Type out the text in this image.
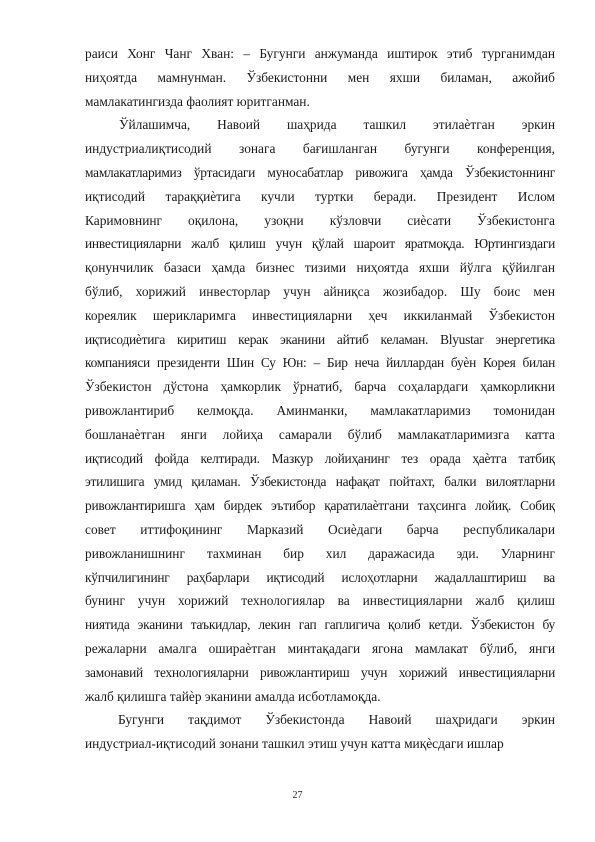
раиси Хонг Чанг Хван: – Бугунги анжуманда иштирок этиб турганимдан
ниҳоятда мамнунман. Ўзбекистонни мен яхши биламан, ажойиб
мамлакатингизда фаолият юритганман.
Ўйлашимча, Навоий шаҳрида ташкил этилаѐтган эркин
индустриалиқтисодий зонага бағишланган бугунги конференция,
мамлакатларимиз ўртасидаги муносабатлар ривожига ҳамда Ўзбекистоннинг
иқтисодий тараққиѐтига кучли туртки беради. Президент Ислом
Каримовнинг оқилона, узоқни кўзловчи сиѐсати Ўзбекистонга
инвестицияларни жалб қилиш учун қўлай шароит яратмоқда. Юртингиздаги
қонунчилик базаси ҳамда бизнес тизими ниҳоятда яхши йўлга қўйилган
бўлиб, хорижий инвесторлар учун айниқса жозибадор. Шу боис мен
кореялик шерикларимга инвестицияларни ҳеч иккиланмай Ўзбекистон
иқтисодиѐтига киритиш керак эканини айтиб келаман. Blyustar энергетика
компанияси президенти Шин Су Юн: – Бир неча йиллардан буѐн Корея билан
Ўзбекистон дўстона ҳамкорлик ўрнатиб, барча соҳалардаги ҳамкорликни
ривожлантириб келмоқда. Аминманки, мамлакатларимиз томонидан
бошланаѐтган янги лойиҳа самарали бўлиб мамлакатларимизга катта
иқтисодий фойда келтиради. Мазкур лойиҳанинг тез орада ҳаѐтга татбиқ
этилишига умид қиламан. Ўзбекистонда нафақат пойтахт, балки вилоятларни
ривожлантиришга ҳам бирдек эътибор қаратилаѐтгани таҳсинга лойиқ. Собиқ
совет иттифоқининг Марказий Осиѐдаги барча республикалари
ривожланишнинг тахминан бир хил даражасида эди. Уларнинг
кўпчилигининг раҳбарлари иқтисодий ислоҳотларни жадаллаштириш ва
бунинг учун хорижий технологиялар ва инвестицияларни жалб қилиш
ниятида эканини таъкидлар, лекин гап гаплигича қолиб кетди. Ўзбекистон бу
режаларни амалга ошираѐтган минтақадаги ягона мамлакат бўлиб, янги
замонавий технологияларни ривожлантириш учун хорижий инвестицияларни
жалб қилишга тайѐр эканини амалда исботламоқда.
Бугунги тақдимот Ўзбекистонда Навоий шаҳридаги эркин
индустриал-иқтисодий зонани ташкил этиш учун катта миқѐсдаги ишлар
27
